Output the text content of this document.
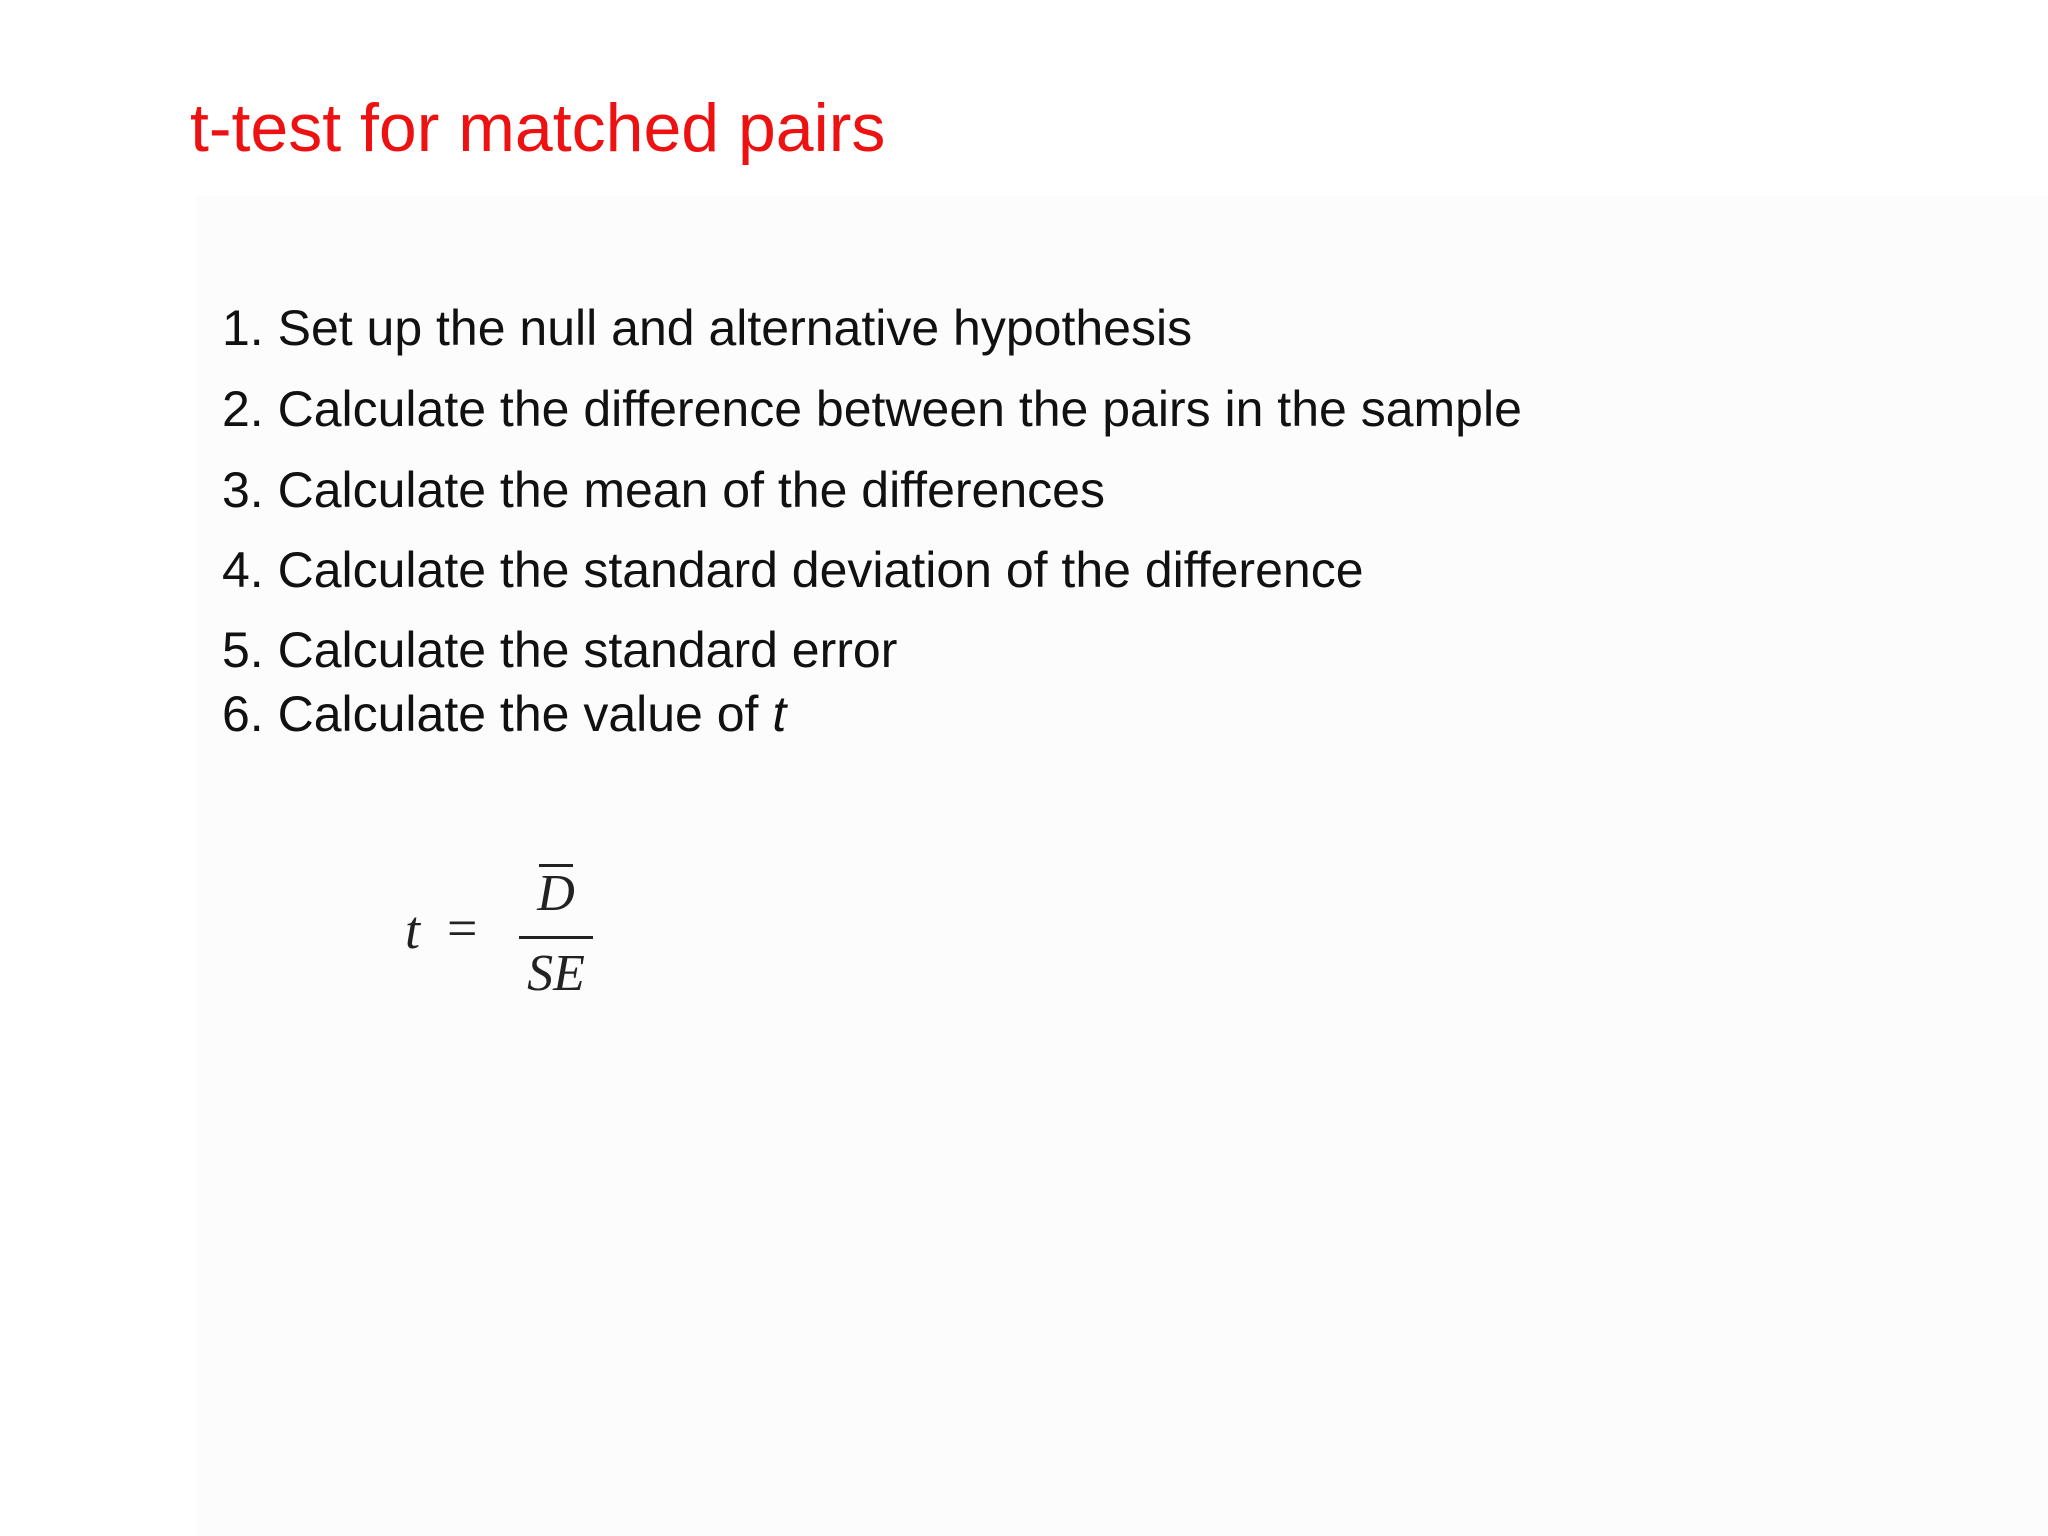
t-test for matched pairs
1. Set up the null and alternative hypothesis
2. Calculate the difference between the pairs in the sample
3. Calculate the mean of the differences
4. Calculate the standard deviation of the difference
5. Calculate the standard error
6. Calculate the value of t
t =
D
SE
